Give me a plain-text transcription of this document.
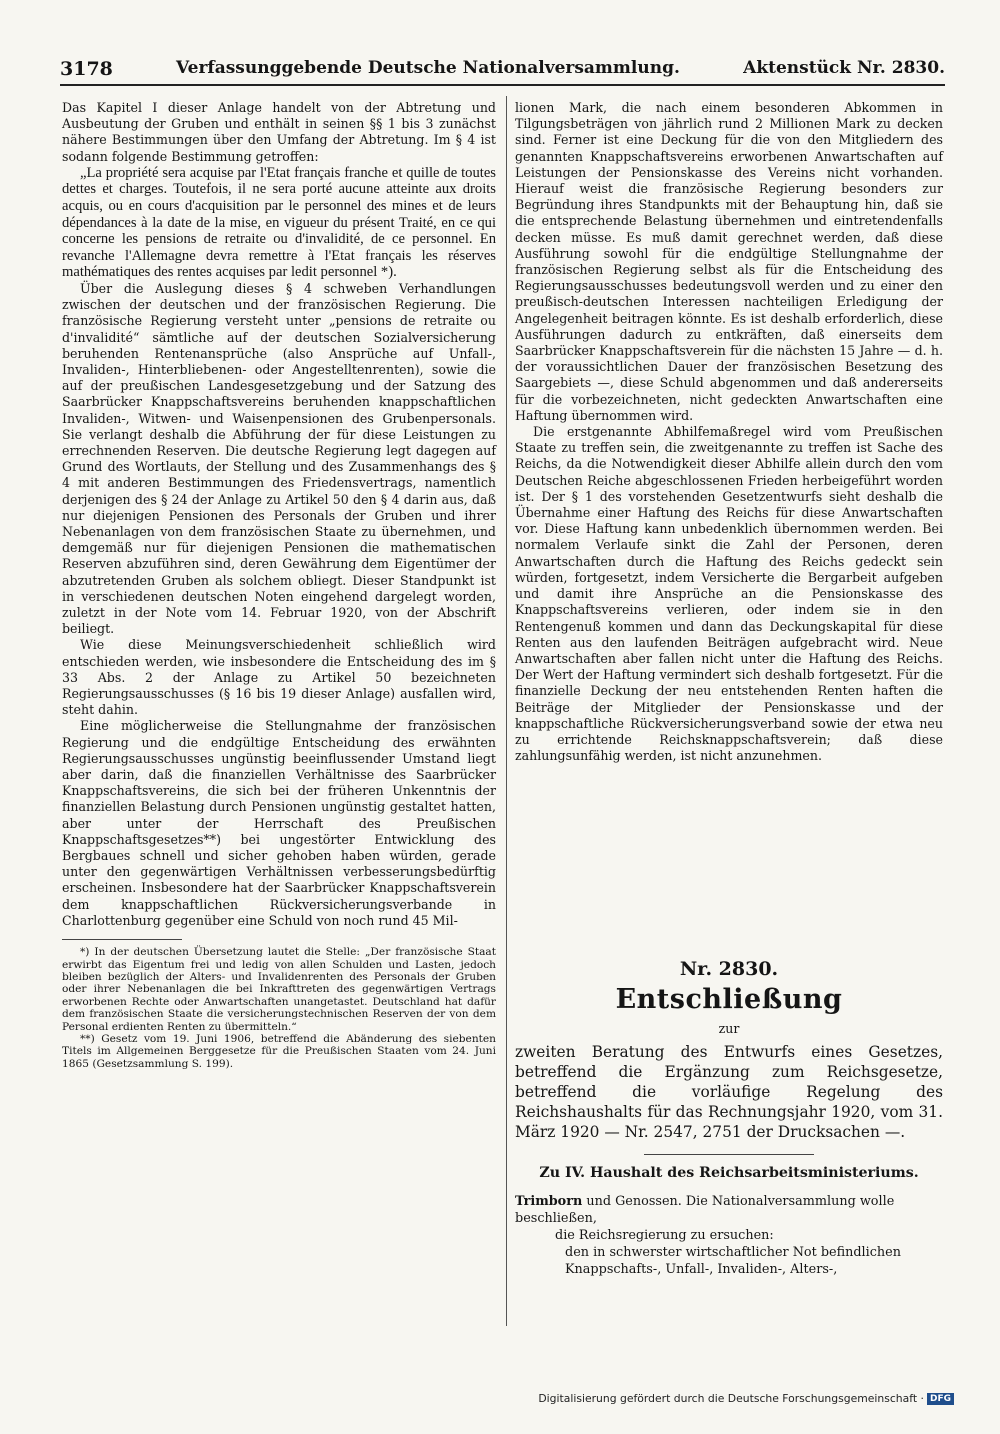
3178	Verfassunggebende Deutsche Nationalversammlung.	Aktenstück Nr. 2830.

Das Kapitel I dieser Anlage handelt von der Abtretung und Ausbeutung der Gruben und enthält in seinen §§ 1 bis 3 zunächst nähere Bestimmungen über den Umfang der Abtretung. Im § 4 ist sodann folgende Bestimmung getroffen:

„La propriété sera acquise par l'Etat français franche et quille de toutes dettes et charges. Toutefois, il ne sera porté aucune atteinte aux droits acquis, ou en cours d'acquisition par le personnel des mines et de leurs dépendances à la date de la mise, en vigueur du présent Traité, en ce qui concerne les pensions de retraite ou d'invalidité, de ce personnel. En revanche l'Allemagne devra remettre à l'Etat français les réserves mathématiques des rentes acquises par ledit personnel *).

Über die Auslegung dieses § 4 schweben Verhandlungen zwischen der deutschen und der französischen Regierung. Die französische Regierung versteht unter „pensions de retraite ou d'invalidité“ sämtliche auf der deutschen Sozialversicherung beruhenden Rentenansprüche (also Ansprüche auf Unfall-, Invaliden-, Hinterbliebenen- oder Angestelltenrenten), sowie die auf der preußischen Landesgesetzgebung und der Satzung des Saarbrücker Knappschaftsvereins beruhenden knappschaftlichen Invaliden-, Witwen- und Waisenpensionen des Grubenpersonals. Sie verlangt deshalb die Abführung der für diese Leistungen zu errechnenden Reserven. Die deutsche Regierung legt dagegen auf Grund des Wortlauts, der Stellung und des Zusammenhangs des § 4 mit anderen Bestimmungen des Friedensvertrags, namentlich derjenigen des § 24 der Anlage zu Artikel 50 den § 4 darin aus, daß nur diejenigen Pensionen des Personals der Gruben und ihrer Nebenanlagen von dem französischen Staate zu übernehmen, und demgemäß nur für diejenigen Pensionen die mathematischen Reserven abzuführen sind, deren Gewährung dem Eigentümer der abzutretenden Gruben als solchem obliegt. Dieser Standpunkt ist in verschiedenen deutschen Noten eingehend dargelegt worden, zuletzt in der Note vom 14. Februar 1920, von der Abschrift beiliegt.

Wie diese Meinungsverschiedenheit schließlich wird entschieden werden, wie insbesondere die Entscheidung des im § 33 Abs. 2 der Anlage zu Artikel 50 bezeichneten Regierungsausschusses (§ 16 bis 19 dieser Anlage) ausfallen wird, steht dahin.

Eine möglicherweise die Stellungnahme der französischen Regierung und die endgültige Entscheidung des erwähnten Regierungsausschusses ungünstig beeinflussender Umstand liegt aber darin, daß die finanziellen Verhältnisse des Saarbrücker Knappschaftsvereins, die sich bei der früheren Unkenntnis der finanziellen Belastung durch Pensionen ungünstig gestaltet hatten, aber unter der Herrschaft des Preußischen Knappschaftsgesetzes**) bei ungestörter Entwicklung des Bergbaues schnell und sicher gehoben haben würden, gerade unter den gegenwärtigen Verhältnissen verbesserungsbedürftig erscheinen. Insbesondere hat der Saarbrücker Knappschaftsverein dem knappschaftlichen Rückversicherungsverbande in Charlottenburg gegenüber eine Schuld von noch rund 45 Mil-

*) In der deutschen Übersetzung lautet die Stelle: „Der französische Staat erwirbt das Eigentum frei und ledig von allen Schulden und Lasten, jedoch bleiben bezüglich der Alters- und Invalidenrenten des Personals der Gruben oder ihrer Nebenanlagen die bei Inkrafttreten des gegenwärtigen Vertrags erworbenen Rechte oder Anwartschaften unangetastet. Deutschland hat dafür dem französischen Staate die versicherungstechnischen Reserven der von dem Personal erdienten Renten zu übermitteln.“

**) Gesetz vom 19. Juni 1906, betreffend die Abänderung des siebenten Titels im Allgemeinen Berggesetze für die Preußischen Staaten vom 24. Juni 1865 (Gesetzsammlung S. 199).

lionen Mark, die nach einem besonderen Abkommen in Tilgungsbeträgen von jährlich rund 2 Millionen Mark zu decken sind. Ferner ist eine Deckung für die von den Mitgliedern des genannten Knappschaftsvereins erworbenen Anwartschaften auf Leistungen der Pensionskasse des Vereins nicht vorhanden. Hierauf weist die französische Regierung besonders zur Begründung ihres Standpunkts mit der Behauptung hin, daß sie die entsprechende Belastung übernehmen und eintretendenfalls decken müsse. Es muß damit gerechnet werden, daß diese Ausführung sowohl für die endgültige Stellungnahme der französischen Regierung selbst als für die Entscheidung des Regierungsausschusses bedeutungsvoll werden und zu einer den preußisch-deutschen Interessen nachteiligen Erledigung der Angelegenheit beitragen könnte. Es ist deshalb erforderlich, diese Ausführungen dadurch zu entkräften, daß einerseits dem Saarbrücker Knappschaftsverein für die nächsten 15 Jahre — d. h. der voraussichtlichen Dauer der französischen Besetzung des Saargebiets —, diese Schuld abgenommen und daß andererseits für die vorbezeichneten, nicht gedeckten Anwartschaften eine Haftung übernommen wird.

Die erstgenannte Abhilfemaßregel wird vom Preußischen Staate zu treffen sein, die zweitgenannte zu treffen ist Sache des Reichs, da die Notwendigkeit dieser Abhilfe allein durch den vom Deutschen Reiche abgeschlossenen Frieden herbeigeführt worden ist. Der § 1 des vorstehenden Gesetzentwurfs sieht deshalb die Übernahme einer Haftung des Reichs für diese Anwartschaften vor. Diese Haftung kann unbedenklich übernommen werden. Bei normalem Verlaufe sinkt die Zahl der Personen, deren Anwartschaften durch die Haftung des Reichs gedeckt sein würden, fortgesetzt, indem Versicherte die Bergarbeit aufgeben und damit ihre Ansprüche an die Pensionskasse des Knappschaftsvereins verlieren, oder indem sie in den Rentengenuß kommen und dann das Deckungskapital für diese Renten aus den laufenden Beiträgen aufgebracht wird. Neue Anwartschaften aber fallen nicht unter die Haftung des Reichs. Der Wert der Haftung vermindert sich deshalb fortgesetzt. Für die finanzielle Deckung der neu entstehenden Renten haften die Beiträge der Mitglieder der Pensionskasse und der knappschaftliche Rückversicherungsverband sowie der etwa neu zu errichtende Reichsknappschaftsverein; daß diese zahlungsunfähig werden, ist nicht anzunehmen.

Nr. 2830.
Entschließung
zur
zweiten Beratung des Entwurfs eines Gesetzes, betreffend die Ergänzung zum Reichsgesetze, betreffend die vorläufige Regelung des Reichshaushalts für das Rechnungsjahr 1920, vom 31. März 1920 — Nr. 2547, 2751 der Drucksachen —.
Zu IV. Haushalt des Reichsarbeitsministeriums.
Trimborn und Genossen. Die Nationalversammlung wolle beschließen,
die Reichsregierung zu ersuchen:
den in schwerster wirtschaftlicher Not befindlichen Knappschafts-, Unfall-, Invaliden-, Alters-,
Digitalisierung gefördert durch die Deutsche Forschungsgemeinschaft · DFG
